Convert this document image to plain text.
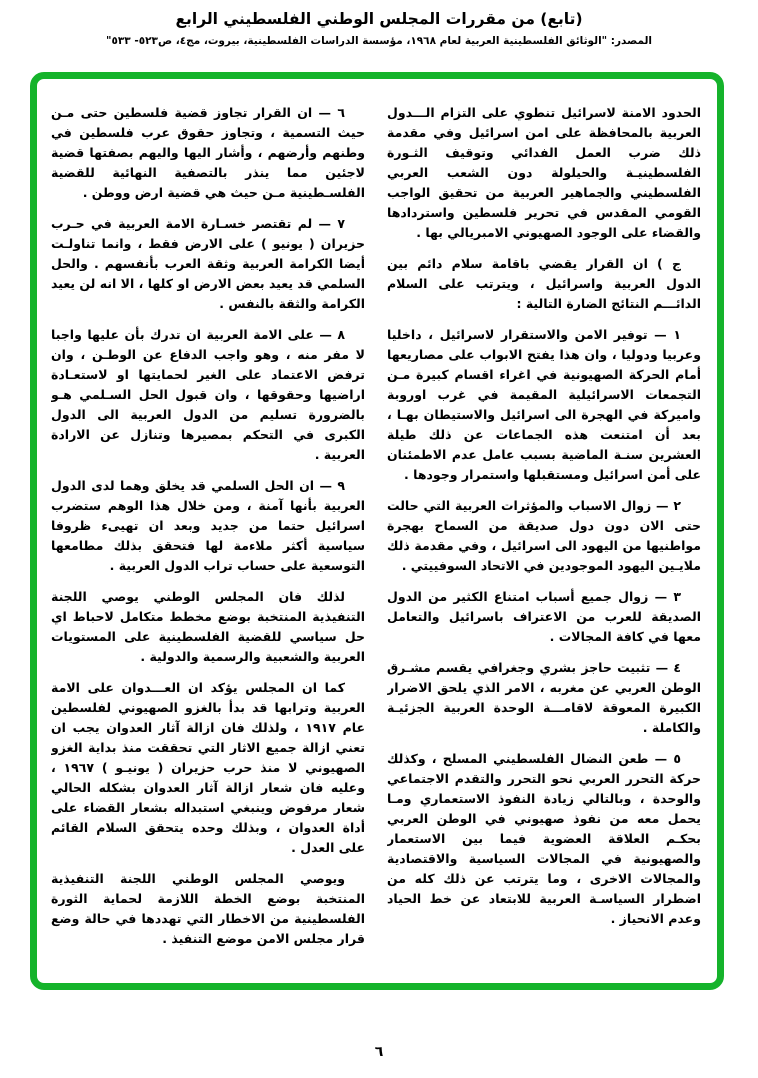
(تابع) من مقررات المجلس الوطني الفلسطيني الرابع
المصدر: "الوثائق الفلسطينية العربية لعام ١٩٦٨، مؤسسة الدراسات الفلسطينية، بيروت، مج٤، ص٥٢٣- ٥٣٣"

الحدود الامنة لاسرائيل تنطوي على التزام الـــدول العربية بالمحافظة على امن اسرائيل وفي مقدمة ذلك ضرب العمل الفدائي وتوقيف الثـورة الفلسطينيـة والحيلولة دون الشعب العربي الفلسطيني والجماهير العربية من تحقيق الواجب القومي المقدس في تحرير فلسطين واستردادها والقضاء على الوجود الصهيوني الامبريالي بها .

ج ) ان القرار يقضي باقامة سلام دائم بين الدول العربية واسرائيل ، ويترتب على السلام الدائـــم النتائج الضارة التالية :

١ — توفير الامن والاستقرار لاسرائيل ، داخليا وعربيا ودوليا ، وان هذا يفتح الابواب على مصاريعها أمام الحركة الصهيونية في اغراء اقسام كبيرة مـن التجمعات الاسرائيلية المقيمة في غرب اوروبة واميركة في الهجرة الى اسرائيل والاستيطان بهـا ، بعد أن امتنعت هذه الجماعات عن ذلك طيلة العشرين سنـة الماضية بسبب عامل عدم الاطمئنان على أمن اسرائيل ومستقبلها واستمرار وجودها .

٢ — زوال الاسباب والمؤثرات العربية التي حالت حتى الان دون دول صديقة من السماح بهجرة مواطنيها من اليهود الى اسرائيل ، وفي مقدمة ذلك ملايـين اليهود الموجودين في الاتحاد السوفييتي .

٣ — زوال جميع أسباب امتناع الكثير من الدول الصديقة للعرب من الاعتراف باسرائيل والتعامل معها في كافة المجالات .

٤ — تثبيت حاجز بشري وجغرافي يقسم مشـرق الوطن العربي عن مغربه ، الامر الذي يلحق الاضرار الكبيرة المعوقة لاقامـــة الوحدة العربية الجزئيـة والكاملة .

٥ — طعن النضال الفلسطيني المسلح ، وكذلك حركة التحرر العربي نحو التحرر والتقدم الاجتماعي والوحدة ، وبالتالي زيادة النفوذ الاستعماري ومـا يحمل معه من نفوذ صهيوني في الوطن العربي بحكـم العلاقة العضوية فيما بين الاستعمار والصهيونية في المجالات السياسية والاقتصادية والمجالات الاخرى ، وما يترتب عن ذلك كله من اضطرار السياسـة العربية للابتعاد عن خط الحياد وعدم الانحياز .

٦ — ان القرار تجاوز قضية فلسطين حتى مـن حيث التسمية ، وتجاوز حقوق عرب فلسطين في وطنهم وأرضهم ، وأشار اليها واليهم بصفتها قضية لاجئين مما ينذر بالتصفية النهائية للقضية الفلسـطينية مـن حيث هي قضية ارض ووطن .

٧ — لم تقتصر خسـارة الامة العربية في حـرب حزيران ( يونيو ) على الارض فقط ، وانما تناولـت أيضا الكرامة العربية وثقة العرب بأنفسهم . والحل السلمي قد يعيد بعض الارض او كلها ، الا انه لن يعيد الكرامة والثقة بالنفس .

٨ — على الامة العربية ان تدرك بأن عليها واجبا لا مفر منه ، وهو واجب الدفاع عن الوطـن ، وان ترفض الاعتماد على الغير لحمايتها او لاستعـادة اراضيها وحقوقها ، وان قبول الحل السـلمي هـو بالضرورة تسليم من الدول العربية الى الدول الكبرى في التحكم بمصيرها وتنازل عن الارادة العربية .

٩ — ان الحل السلمي قد يخلق وهما لدى الدول العربية بأنها آمنة ، ومن خلال هذا الوهم ستضرب اسرائيل حتما من جديد وبعد ان تهيىء ظروفا سياسية أكثر ملاءمة لها فتحقق بذلك مطامعها التوسعية على حساب تراب الدول العربية .

لذلك فان المجلس الوطني يوصي اللجنة التنفيذية المنتخبة بوضع مخطط متكامل لاحباط اي حل سياسي للقضية الفلسطينية على المستويات العربية والشعبية والرسمية والدولية .

كما ان المجلس يؤكد ان العـــدوان على الامة العربية وترابها قد بدأ بالغزو الصهيوني لفلسطين عام ١٩١٧ ، ولذلك فان ازالة آثار العدوان يجب ان تعني ازالة جميع الاثار التي تحققت منذ بداية الغزو الصهيوني لا منذ حرب حزيران ( يونيـو ) ١٩٦٧ ، وعليه فان شعار ازالة آثار العدوان بشكله الحالي شعار مرفوض وينبغي استبداله بشعار القضاء على أداة العدوان ، وبذلك وحده يتحقق السلام القائم على العدل .

ويوصي المجلس الوطني اللجنة التنفيذية المنتخبة بوضع الخطة اللازمة لحماية الثورة الفلسطينية من الاخطار التي تهددها في حالة وضع قرار مجلس الامن موضع التنفيذ .

٦
